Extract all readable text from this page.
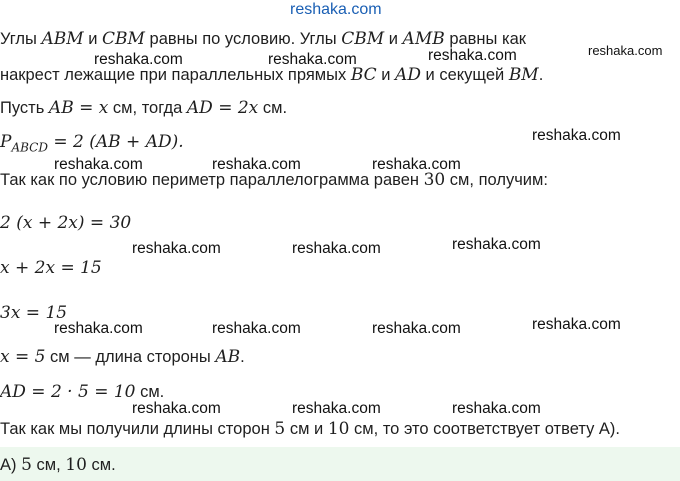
reshaka.com
Углы ABM и CBM равны по условию. Углы CBM и AMB равны как
накрест лежащие при параллельных прямых BC и AD и секущей BM.
Пусть AB = x см, тогда AD = 2x см.
$P_{ABCD} = 2$ (AB + AD).
Так как по условию периметр параллелограмма равен 30 см, получим:
2 (x + 2x) = 30
x + 2x = 15
3x = 15
x = 5 см — длина стороны AB.
AD = 2 · 5 = 10 см.
Так как мы получили длины сторон 5 см и 10 см, то это соответствует ответу А).
А) 5 см, 10 см.
reshaka.com	reshaka.com	reshaka.com	reshaka.com
reshaka.com
reshaka.com	reshaka.com	reshaka.com
reshaka.com	reshaka.com	reshaka.com
reshaka.com	reshaka.com	reshaka.com	reshaka.com
reshaka.com	reshaka.com	reshaka.com
